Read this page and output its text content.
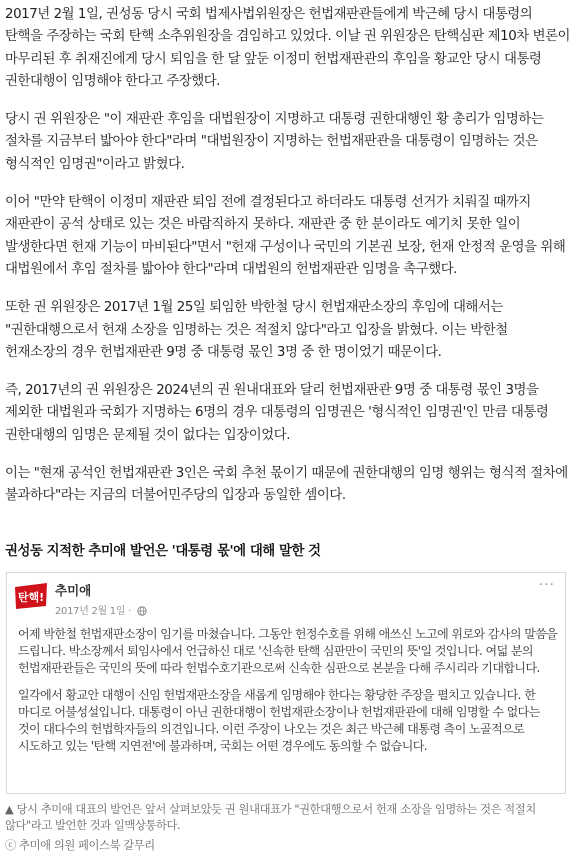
2017년 2월 1일, 권성동 당시 국회 법제사법위원장은 헌법재판관들에게 박근혜 당시 대통령의 탄핵을 주장하는 국회 탄핵 소추위원장을 겸임하고 있었다. 이날 권 위원장은 탄핵심판 제10차 변론이 마무리된 후 취재진에게 당시 퇴임을 한 달 앞둔 이정미 헌법재판관의 후임을 황교안 당시 대통령 권한대행이 임명해야 한다고 주장했다.

당시 권 위원장은 "이 재판관 후임을 대법원장이 지명하고 대통령 권한대행인 황 총리가 임명하는 절차를 지금부터 밟아야 한다"라며 "대법원장이 지명하는 헌법재판관을 대통령이 임명하는 것은 형식적인 임명권"이라고 밝혔다.

이어 "만약 탄핵이 이정미 재판관 퇴임 전에 결정된다고 하더라도 대통령 선거가 치뤄질 때까지 재판관이 공석 상태로 있는 것은 바람직하지 못하다. 재판관 중 한 분이라도 예기치 못한 일이 발생한다면 헌재 기능이 마비된다"면서 "헌재 구성이나 국민의 기본권 보장, 헌재 안정적 운영을 위해 대법원에서 후임 절차를 밟아야 한다"라며 대법원의 헌법재판관 임명을 촉구했다.

또한 권 위원장은 2017년 1월 25일 퇴임한 박한철 당시 헌법재판소장의 후임에 대해서는 "권한대행으로서 헌재 소장을 임명하는 것은 적절치 않다"라고 입장을 밝혔다. 이는 박한철 헌재소장의 경우 헌법재판관 9명 중 대통령 몫인 3명 중 한 명이었기 때문이다.

즉, 2017년의 권 위원장은 2024년의 권 원내대표와 달리 헌법재판관 9명 중 대통령 몫인 3명을 제외한 대법원과 국회가 지명하는 6명의 경우 대통령의 임명권은 '형식적인 임명권'인 만큼 대통령 권한대행의 임명은 문제될 것이 없다는 입장이었다.

이는 "현재 공석인 헌법재판관 3인은 국회 추천 몫이기 때문에 권한대행의 임명 행위는 형식적 절차에 불과하다"라는 지금의 더불어민주당의 입장과 동일한 셈이다.

권성동 지적한 추미애 발언은 '대통령 몫'에 대해 말한 것
탄핵! 추미애
2017년 2월 1일 ·
···

어제 박한철 헌법재판소장이 임기를 마쳤습니다. 그동안 헌정수호를 위해 애쓰신 노고에 위로와 감사의 말씀을 드립니다. 박소장께서 퇴임사에서 언급하신 대로 '신속한 탄핵 심판만이 국민의 뜻'일 것입니다. 여덟 분의 헌법재판관들은 국민의 뜻에 따라 헌법수호기관으로써 신속한 심판으로 본분을 다해 주시리라 기대합니다.

일각에서 황교안 대행이 신임 헌법재판소장을 새롭게 임명해야 한다는 황당한 주장을 펼치고 있습니다. 한 마디로 어불성설입니다. 대통령이 아닌 권한대행이 헌법재판소장이나 헌법재판관에 대해 임명할 수 없다는 것이 대다수의 헌법학자들의 의견입니다. 이런 주장이 나오는 것은 최근 박근혜 대통령 측이 노골적으로 시도하고 있는 '탄핵 지연전'에 불과하며, 국회는 어떤 경우에도 동의할 수 없습니다.

▲ 당시 추미애 대표의 발언은 앞서 살펴보았듯 권 원내대표가 "권한대행으로서 헌재 소장을 임명하는 것은 적절치 않다"라고 발언한 것과 일맥상통하다.
ⓒ 추미애 의원 페이스북 갈무리
